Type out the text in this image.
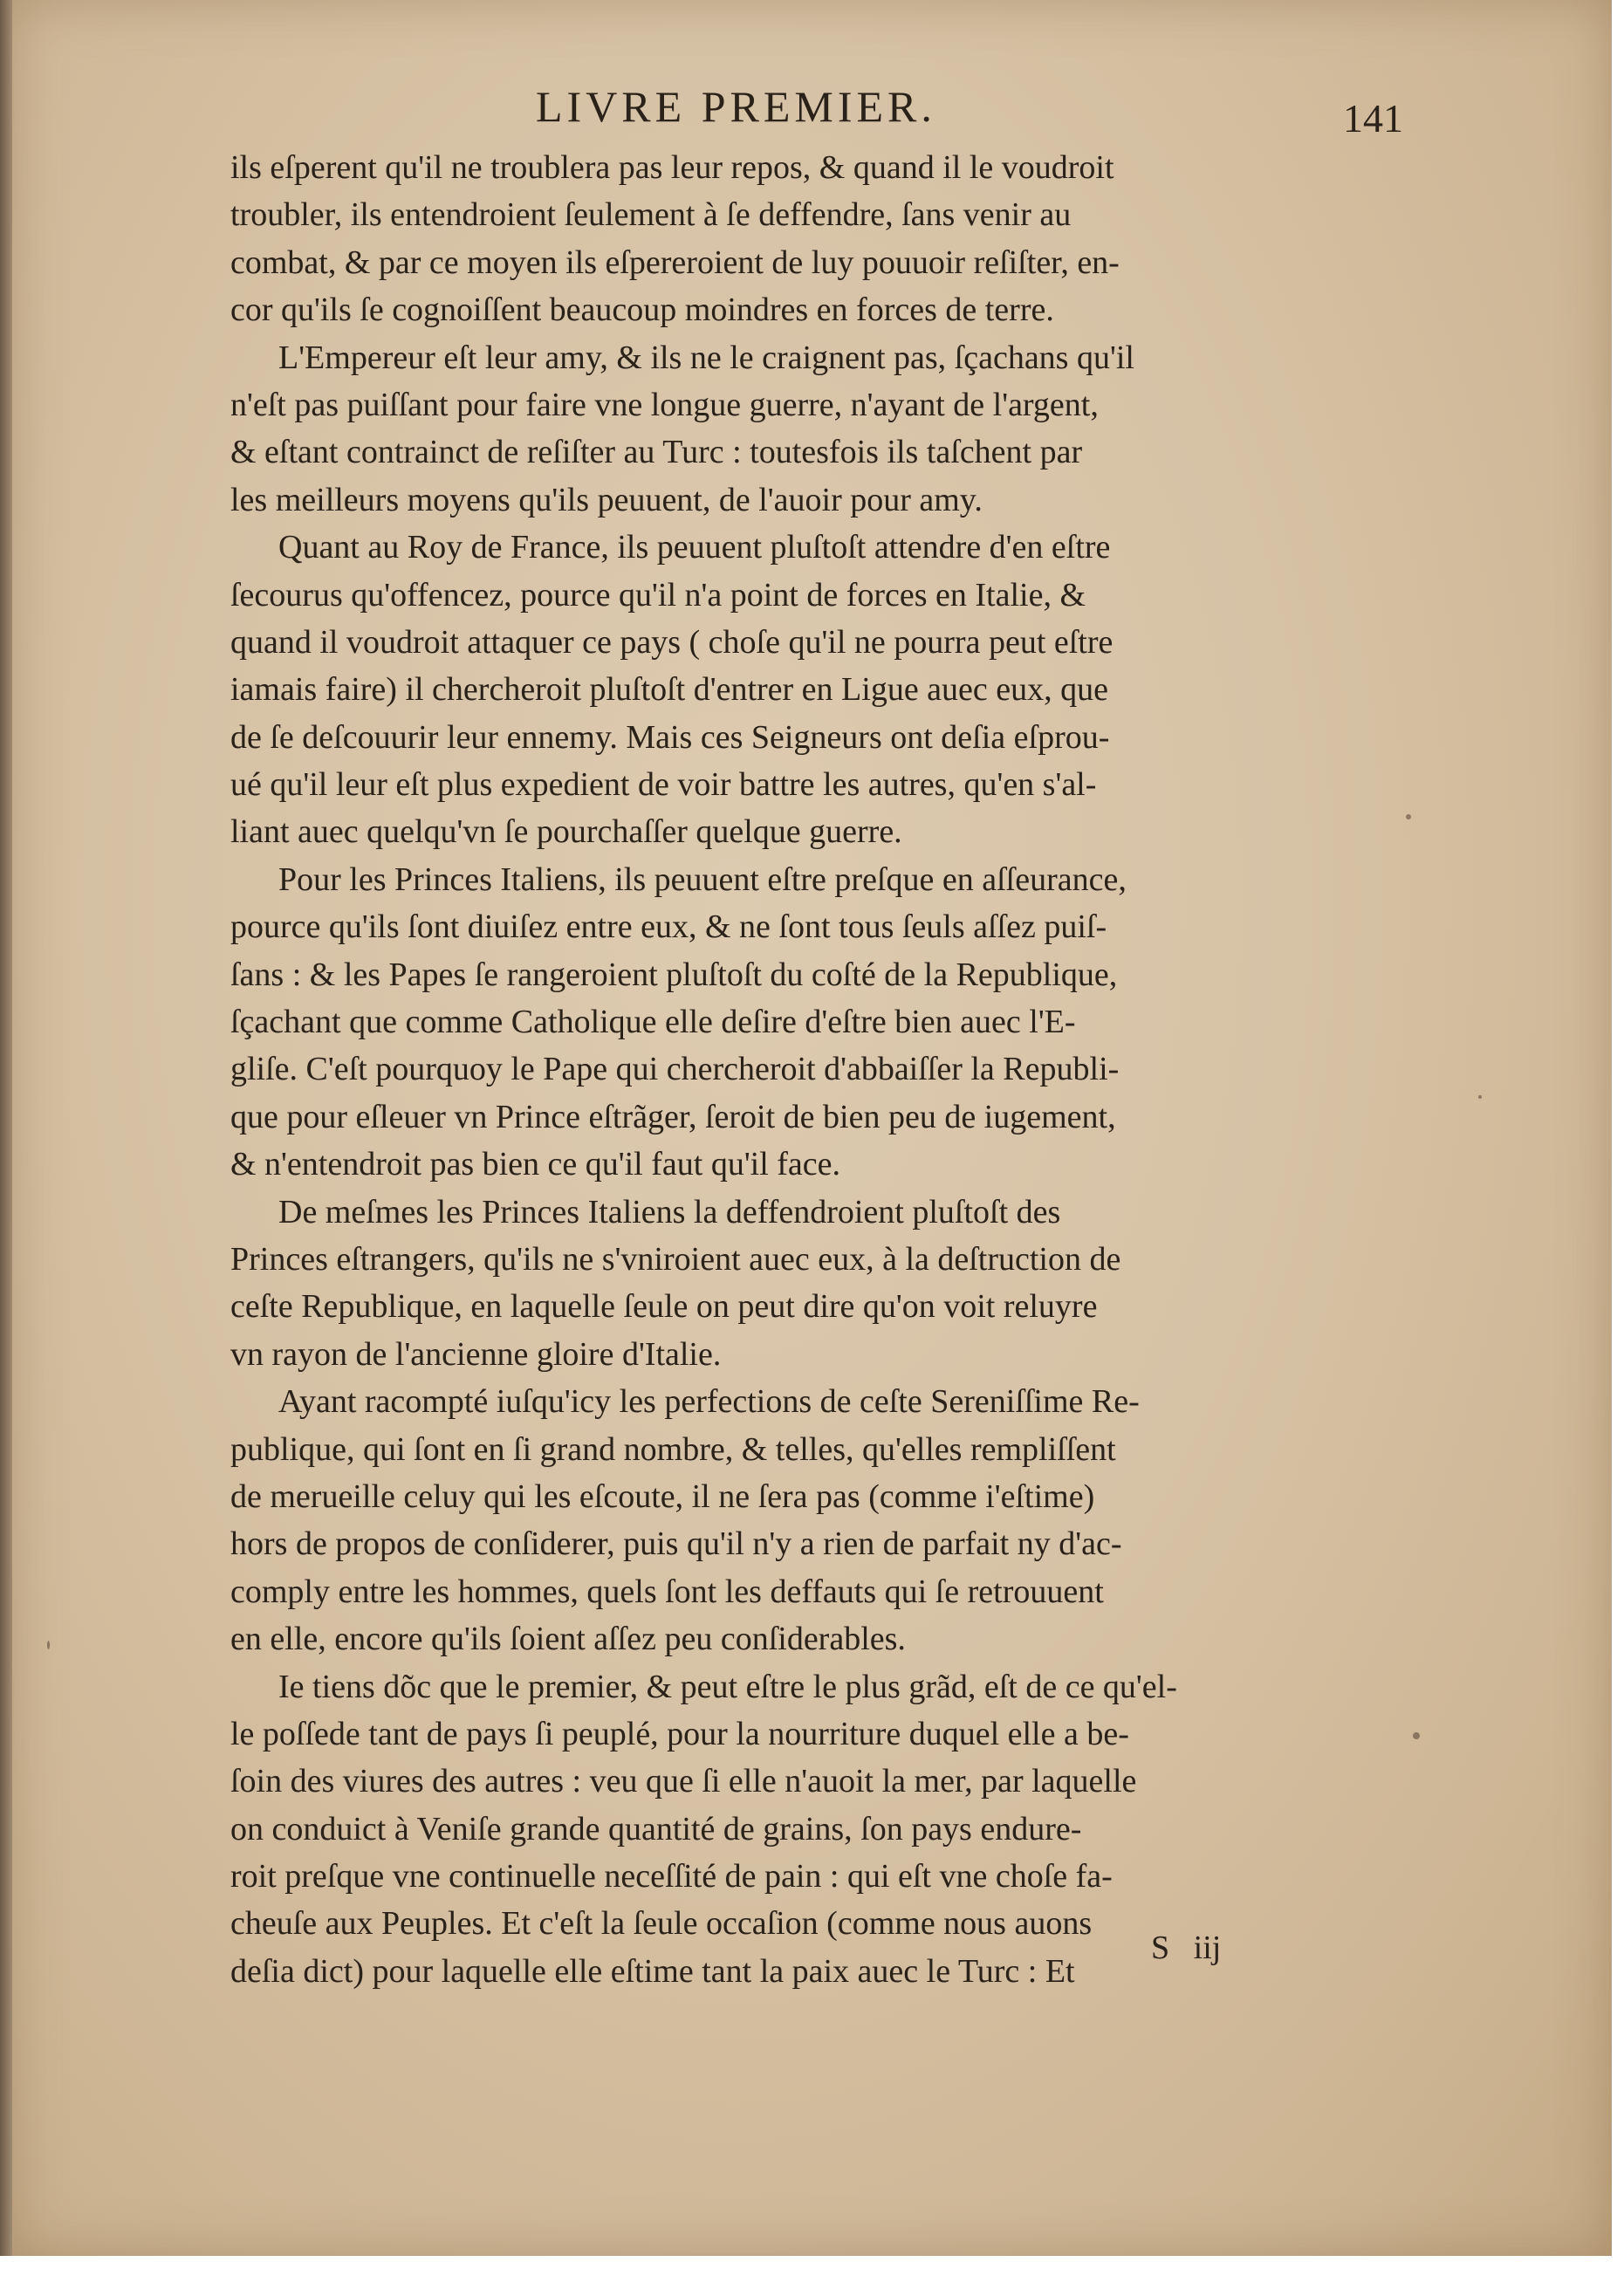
LIVRE PREMIER.	141
ils eſperent qu'il ne troublera pas leur repos, & quand il le voudroit
troubler, ils entendroient ſeulement à ſe deffendre, ſans venir au
combat, & par ce moyen ils eſpereroient de luy pouuoir reſiſter, en-
cor qu'ils ſe cognoiſſent beaucoup moindres en forces de terre.
L'Empereur eſt leur amy, & ils ne le craignent pas, ſçachans qu'il
n'eſt pas puiſſant pour faire vne longue guerre, n'ayant de l'argent,
& eſtant contrainct de reſiſter au Turc : toutesfois ils taſchent par
les meilleurs moyens qu'ils peuuent, de l'auoir pour amy.
Quant au Roy de France, ils peuuent pluſtoſt attendre d'en eſtre
ſecourus qu'offencez, pource qu'il n'a point de forces en Italie, &
quand il voudroit attaquer ce pays ( choſe qu'il ne pourra peut eſtre
iamais faire) il chercheroit pluſtoſt d'entrer en Ligue auec eux, que
de ſe deſcouurir leur ennemy. Mais ces Seigneurs ont deſia eſprou-
ué qu'il leur eſt plus expedient de voir battre les autres, qu'en s'al-
liant auec quelqu'vn ſe pourchaſſer quelque guerre.
Pour les Princes Italiens, ils peuuent eſtre preſque en aſſeurance,
pource qu'ils ſont diuiſez entre eux, & ne ſont tous ſeuls aſſez puiſ-
ſans : & les Papes ſe rangeroient pluſtoſt du coſté de la Republique,
ſçachant que comme Catholique elle deſire d'eſtre bien auec l'E-
gliſe. C'eſt pourquoy le Pape qui chercheroit d'abbaiſſer la Republi-
que pour eſleuer vn Prince eſtrãger, ſeroit de bien peu de iugement,
& n'entendroit pas bien ce qu'il faut qu'il face.
De meſmes les Princes Italiens la deffendroient pluſtoſt des
Princes eſtrangers, qu'ils ne s'vniroient auec eux, à la deſtruction de
ceſte Republique, en laquelle ſeule on peut dire qu'on voit reluyre
vn rayon de l'ancienne gloire d'Italie.
Ayant racompté iuſqu'icy les perfections de ceſte Sereniſſime Re-
publique, qui ſont en ſi grand nombre, & telles, qu'elles rempliſſent
de merueille celuy qui les eſcoute, il ne ſera pas (comme i'eſtime)
hors de propos de conſiderer, puis qu'il n'y a rien de parfait ny d'ac-
comply entre les hommes, quels ſont les deffauts qui ſe retrouuent
en elle, encore qu'ils ſoient aſſez peu conſiderables.
Ie tiens dõc que le premier, & peut eſtre le plus grãd, eſt de ce qu'el-
le poſſede tant de pays ſi peuplé, pour la nourriture duquel elle a be-
ſoin des viures des autres : veu que ſi elle n'auoit la mer, par laquelle
on conduict à Veniſe grande quantité de grains, ſon pays endure-
roit preſque vne continuelle neceſſité de pain : qui eſt vne choſe fa-
cheuſe aux Peuples. Et c'eſt la ſeule occaſion (comme nous auons
deſia dict) pour laquelle elle eſtime tant la paix auec le Turc : Et
S iij
